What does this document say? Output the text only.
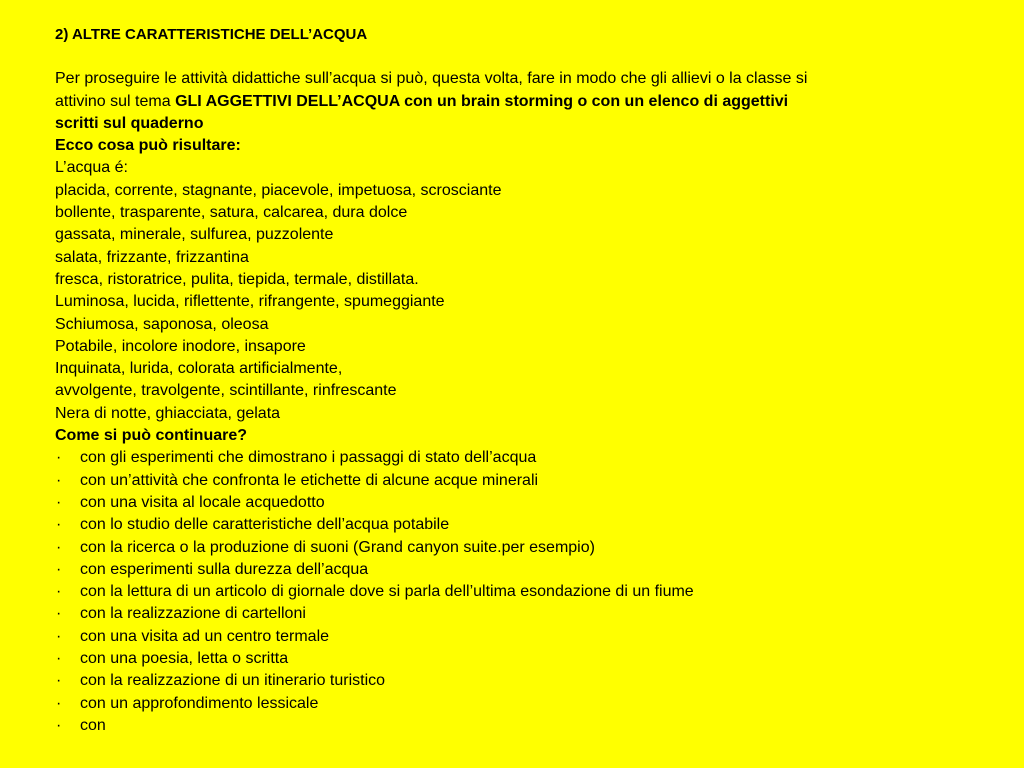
2) ALTRE CARATTERISTICHE DELL’ACQUA
Per proseguire le attività didattiche sull’acqua si può, questa volta, fare in modo che gli allievi o la classe si
attivino sul tema GLI AGGETTIVI DELL’ACQUA con un brain storming o con un elenco di aggettivi
scritti sul quaderno
Ecco cosa può risultare:
L’acqua é:
placida, corrente, stagnante, piacevole, impetuosa, scrosciante
bollente, trasparente, satura, calcarea, dura dolce
gassata, minerale, sulfurea, puzzolente
salata, frizzante, frizzantina
fresca, ristoratrice, pulita, tiepida, termale, distillata.
Luminosa, lucida, riflettente, rifrangente, spumeggiante
Schiumosa, saponosa, oleosa
Potabile, incolore inodore, insapore
Inquinata, lurida, colorata artificialmente,
avvolgente, travolgente, scintillante, rinfrescante
Nera di notte, ghiacciata, gelata
Come si può continuare?
·	con gli esperimenti che dimostrano i passaggi di stato dell’acqua
·	con un’attività che confronta le etichette di alcune acque minerali
·	con una visita al locale acquedotto
·	con lo studio delle caratteristiche dell’acqua potabile
·	con la ricerca o la produzione di suoni (Grand canyon suite.per esempio)
·	con esperimenti sulla durezza dell’acqua
·	con la lettura di un articolo di giornale dove si parla dell’ultima esondazione di un fiume
·	con la realizzazione di cartelloni
·	con una visita ad un centro termale
·	con una poesia, letta o scritta
·	con la realizzazione di un itinerario turistico
·	con un approfondimento lessicale
·	con
